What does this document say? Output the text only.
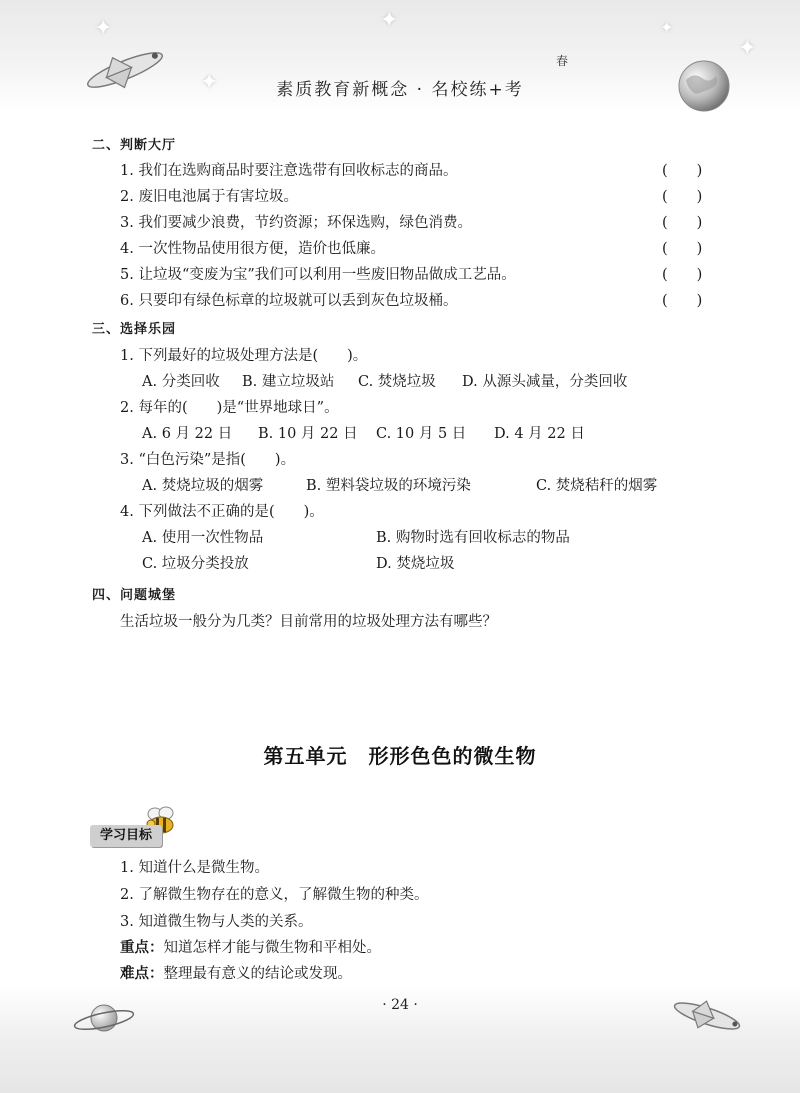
✦
✦
✦
✦
✦
春
素质教育新概念 · 名校练+考
二、判断大厅
1. 我们在选购商品时要注意选带有回收标志的商品。	(　　)
2. 废旧电池属于有害垃圾。	(　　)
3. 我们要减少浪费，节约资源；环保选购，绿色消费。	(　　)
4. 一次性物品使用很方便，造价也低廉。	(　　)
5. 让垃圾“变废为宝”我们可以利用一些废旧物品做成工艺品。	(　　)
6. 只要印有绿色标章的垃圾就可以丢到灰色垃圾桶。	(　　)
三、选择乐园
1. 下列最好的垃圾处理方法是(　　)。
A. 分类回收 B. 建立垃圾站 C. 焚烧垃圾 D. 从源头减量，分类回收
2. 每年的(　　)是“世界地球日”。
A. 6 月 22 日 B. 10 月 22 日 C. 10 月 5 日 D. 4 月 22 日
3. “白色污染”是指(　　)。
A. 焚烧垃圾的烟雾	B. 塑料袋垃圾的环境污染	C. 焚烧秸秆的烟雾
4. 下列做法不正确的是(　　)。
A. 使用一次性物品	B. 购物时选有回收标志的物品
C. 垃圾分类投放	D. 焚烧垃圾
四、问题城堡
生活垃圾一般分为几类？目前常用的垃圾处理方法有哪些？
第五单元　形形色色的微生物
学习目标
1. 知道什么是微生物。
2. 了解微生物存在的意义，了解微生物的种类。
3. 知道微生物与人类的关系。
重点：知道怎样才能与微生物和平相处。
难点：整理最有意义的结论或发现。
· 24 ·
